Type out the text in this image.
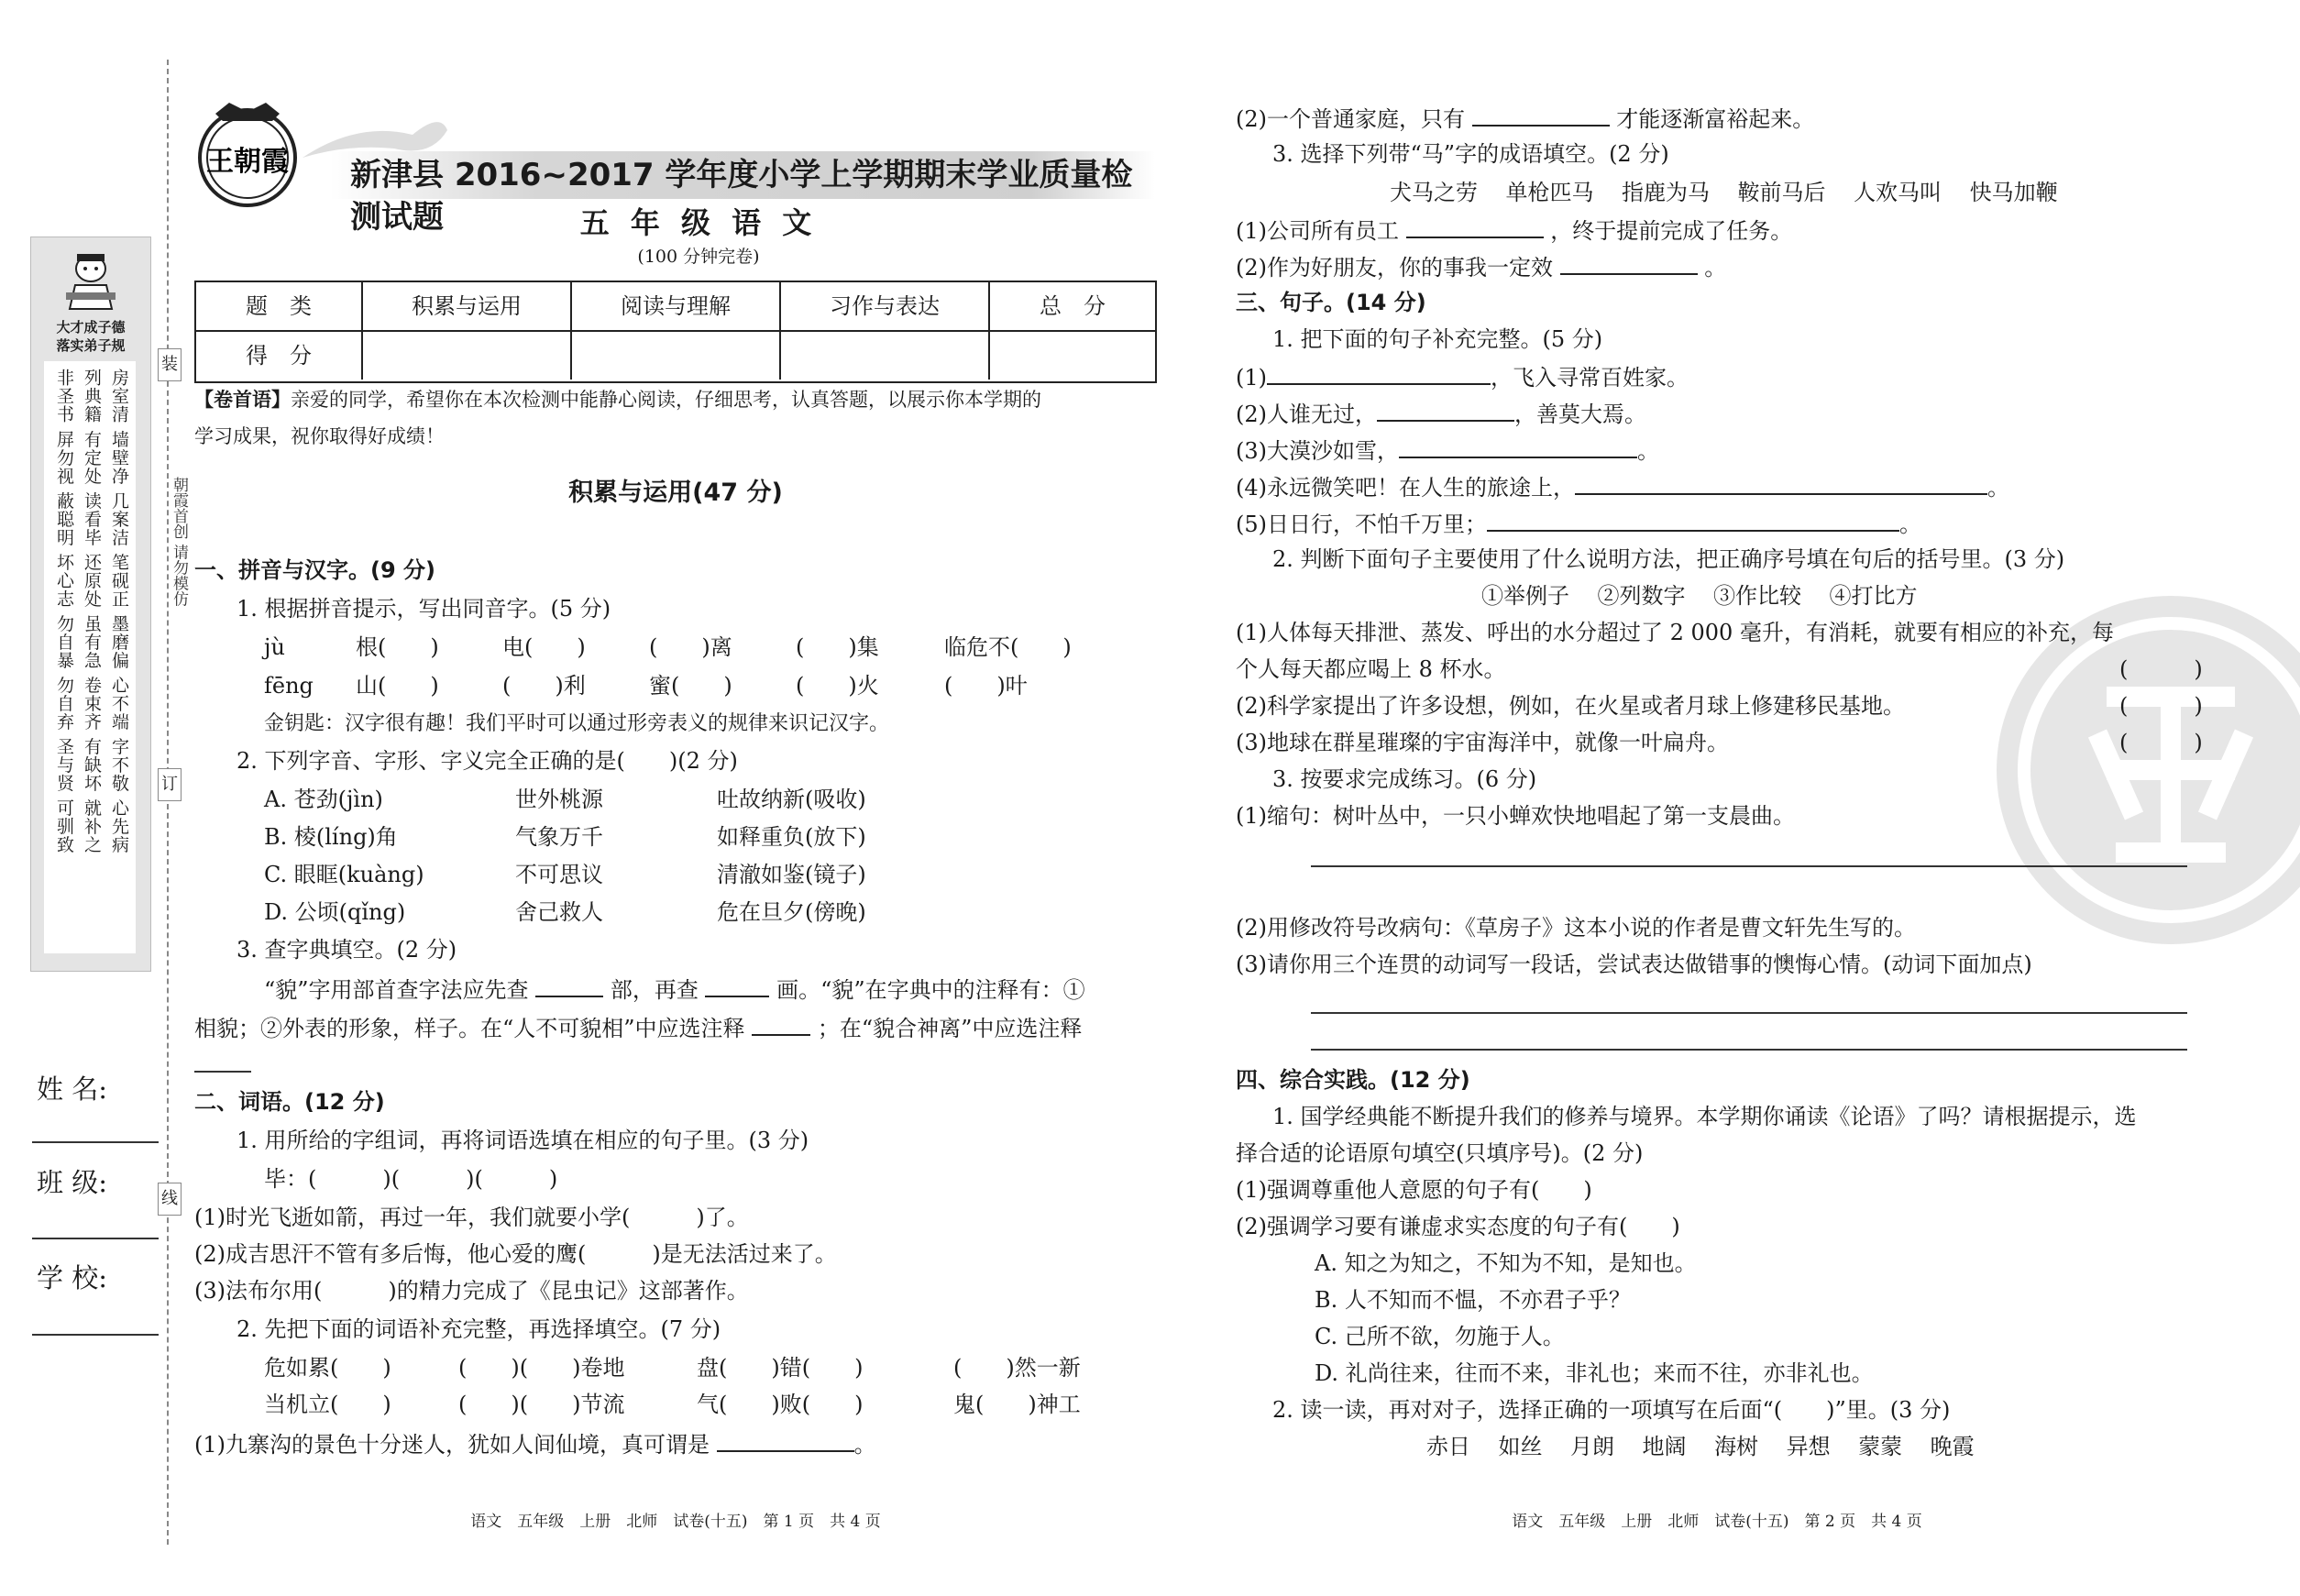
装
朝霞首创 请勿模仿
订
线
大才成子德
落实弟子规
非圣书 屏勿视 蔽聪明 坏心志 勿自暴 勿自弃 圣与贤 可驯致 列典籍 有定处 读看毕 还原处 虽有急 卷束齐 有缺坏 就补之 房室清 墙壁净 几案洁 笔砚正 墨磨偏 心不端 字不敬 心先病
姓 名:
班 级:
学 校:
王朝霞 新津县 2016~2017 学年度小学上学期期末学业质量检测试题	五 年 级 语 文
(100 分钟完卷)
题　类	积累与运用	阅读与理解	习作与表达	总　分
得　分
【卷首语】亲爱的同学，希望你在本次检测中能静心阅读，仔细思考，认真答题，以展示你本学期的
学习成果，祝你取得好成绩！
积累与运用(47 分)
一、拼音与汉字。(9 分)
1. 根据拼音提示，写出同音字。(5 分)
jù	根(　　)	电(　　)	(　　)离	(　　)集	临危不(　　)
fēng 山(　　)	(　　)利	蜜(　　)	(　　)火	(　　)叶
金钥匙：汉字很有趣！我们平时可以通过形旁表义的规律来识记汉字。
2. 下列字音、字形、字义完全正确的是(　　)(2 分)
A. 苍劲(jìn)	世外桃源	吐故纳新(吸收)
B. 棱(líng)角	气象万千	如释重负(放下)
C. 眼眶(kuàng)	不可思议	清澈如鉴(镜子)
D. 公顷(qǐng)	舍己救人	危在旦夕(傍晚)
3. 查字典填空。(2 分)
“貌”字用部首查字法应先查	部，再查	画。“貌”在字典中的注释有：①
相貌；②外表的形象，样子。在“人不可貌相”中应选注释	；在“貌合神离”中应选注释
二、词语。(12 分)
1. 用所给的字组词，再将词语选填在相应的句子里。(3 分)
毕：(　　　)(　　　)(　　　)
(1)时光飞逝如箭，再过一年，我们就要小学(　　　)了。
(2)成吉思汗不管有多后悔，他心爱的鹰(　　　)是无法活过来了。
(3)法布尔用(　　　)的精力完成了《昆虫记》这部著作。
2. 先把下面的词语补充完整，再选择填空。(7 分)
危如累(　　)	(　　)(　　)卷地	盘(　　)错(　　)	(　　)然一新
当机立(　　)	(　　)(　　)节流	气(　　)败(　　)	鬼(　　)神工
(1)九寨沟的景色十分迷人，犹如人间仙境，真可谓是	。
语文　五年级　上册　北师　试卷(十五)　第 1 页　共 4 页
(2)一个普通家庭，只有	才能逐渐富裕起来。
3. 选择下列带“马”字的成语填空。(2 分)
犬马之劳 单枪匹马 指鹿为马 鞍前马后 人欢马叫 快马加鞭
(1)公司所有员工	，终于提前完成了任务。
(2)作为好朋友，你的事我一定效	。
三、句子。(14 分)
1. 把下面的句子补充完整。(5 分)
(1)	，飞入寻常百姓家。
(2)人谁无过，	，善莫大焉。
(3)大漠沙如雪，	。
(4)永远微笑吧！在人生的旅途上，	。
(5)日日行，不怕千万里；	。
2. 判断下面句子主要使用了什么说明方法，把正确序号填在句后的括号里。(3 分)
①举例子 ②列数字 ③作比较 ④打比方
(1)人体每天排泄、蒸发、呼出的水分超过了 2 000 毫升，有消耗，就要有相应的补充，每
个人每天都应喝上 8 杯水。	(　　　)
(2)科学家提出了许多设想，例如，在火星或者月球上修建移民基地。	(　　　)
(3)地球在群星璀璨的宇宙海洋中，就像一叶扁舟。	(　　　)
3. 按要求完成练习。(6 分)
(1)缩句：树叶丛中，一只小蝉欢快地唱起了第一支晨曲。
(2)用修改符号改病句：《草房子》这本小说的作者是曹文轩先生写的。
(3)请你用三个连贯的动词写一段话，尝试表达做错事的懊悔心情。(动词下面加点)
四、综合实践。(12 分)
1. 国学经典能不断提升我们的修养与境界。本学期你诵读《论语》了吗？请根据提示，选
择合适的论语原句填空(只填序号)。(2 分)
(1)强调尊重他人意愿的句子有(　　)
(2)强调学习要有谦虚求实态度的句子有(　　)
A. 知之为知之，不知为不知，是知也。
B. 人不知而不愠，不亦君子乎？
C. 己所不欲，勿施于人。
D. 礼尚往来，往而不来，非礼也；来而不往，亦非礼也。
2. 读一读，再对对子，选择正确的一项填写在后面“(　　)”里。(3 分)
赤日 如丝 月朗 地阔 海树 异想 蒙蒙 晚霞
语文　五年级　上册　北师　试卷(十五)　第 2 页　共 4 页
